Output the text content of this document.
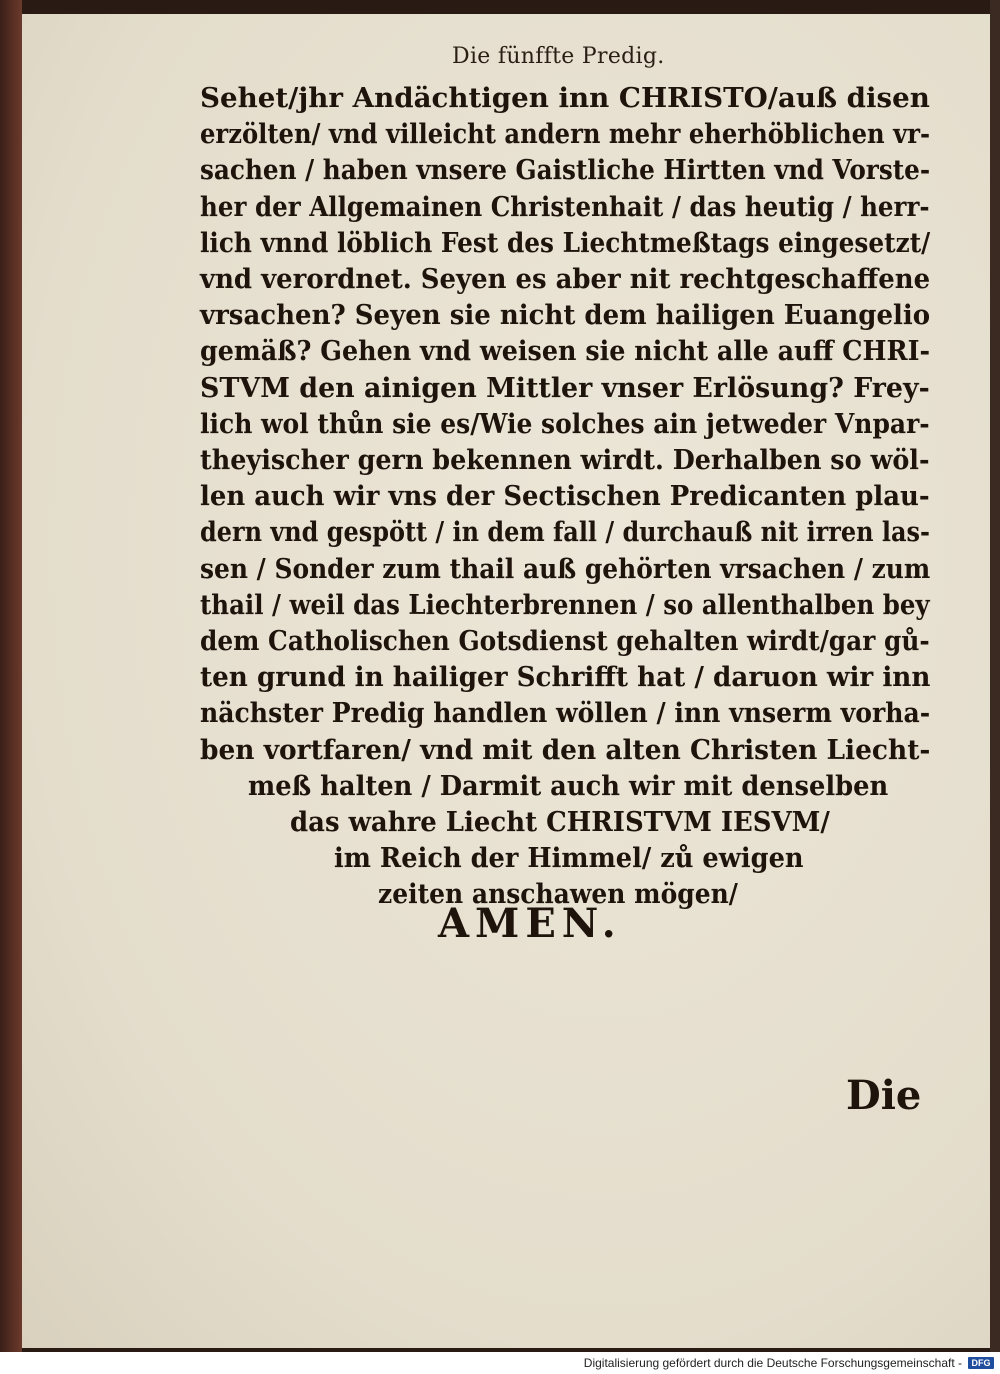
Die fünffte Predig.
Sehet/jhr Andächtigen inn CHRISTO/auß disen
erzölten/ vnd villeicht andern mehr eherhöblichen vr-
sachen / haben vnsere Gaistliche Hirtten vnd Vorste-
her der Allgemainen Christenhait / das heutig / herr-
lich vnnd löblich Fest des Liechtmeßtags eingesetzt/
vnd verordnet. Seyen es aber nit rechtgeschaffene
vrsachen? Seyen sie nicht dem hailigen Euangelio
gemäß? Gehen vnd weisen sie nicht alle auff CHRI-
STVM den ainigen Mittler vnser Erlösung? Frey-
lich wol thůn sie es/Wie solches ain jetweder Vnpar-
theyischer gern bekennen wirdt. Derhalben so wöl-
len auch wir vns der Sectischen Predicanten plau-
dern vnd gespött / in dem fall / durchauß nit irren las-
sen / Sonder zum thail auß gehörten vrsachen / zum
thail / weil das Liechterbrennen / so allenthalben bey
dem Catholischen Gotsdienst gehalten wirdt/gar gů-
ten grund in hailiger Schrifft hat / daruon wir inn
nächster Predig handlen wöllen / inn vnserm vorha-
ben vortfaren/ vnd mit den alten Christen Liecht-
meß halten / Darmit auch wir mit denselben
das wahre Liecht CHRISTVM IESVM/
im Reich der Himmel/ zů ewigen
zeiten anschawen mögen/
AMEN.
Die
Digitalisierung gefördert durch die Deutsche Forschungsgemeinschaft -	DFG
